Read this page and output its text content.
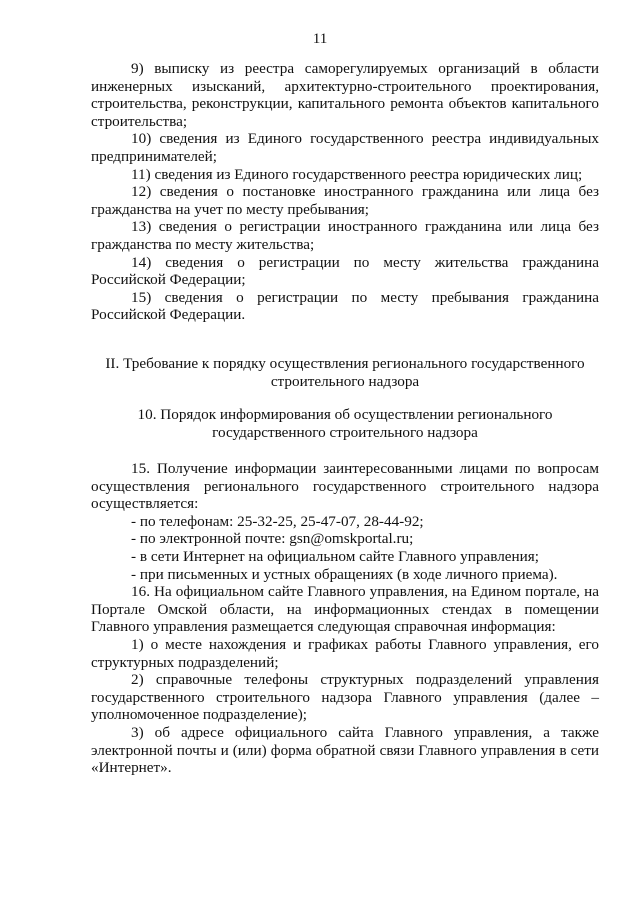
11

9) выписку из реестра саморегулируемых организаций в области инженерных изысканий, архитектурно-строительного проектирования, строительства, реконструкции, капитального ремонта объектов капитального строительства;

10) сведения из Единого государственного реестра индивидуальных предпринимателей;

11) сведения из Единого государственного реестра юридических лиц;

12) сведения о постановке иностранного гражданина или лица без гражданства на учет по месту пребывания;

13) сведения о регистрации иностранного гражданина или лица без гражданства по месту жительства;

14) сведения о регистрации по месту жительства гражданина Российской Федерации;

15) сведения о регистрации по месту пребывания гражданина Российской Федерации.

II. Требование к порядку осуществления регионального государственного
строительного надзора
10. Порядок информирования об осуществлении регионального
государственного строительного надзора

15. Получение информации заинтересованными лицами по вопросам осуществления регионального государственного строительного надзора осуществляется:

- по телефонам: 25-32-25, 25-47-07, 28-44-92;

- по электронной почте: gsn@omskportal.ru;

- в сети Интернет на официальном сайте Главного управления;

- при письменных и устных обращениях (в ходе личного приема).

16. На официальном сайте Главного управления, на Едином портале, на Портале Омской области, на информационных стендах в помещении Главного управления размещается следующая справочная информация:

1) о месте нахождения и графиках работы Главного управления, его структурных подразделений;

2) справочные телефоны структурных подразделений управления государственного строительного надзора Главного управления (далее – уполномоченное подразделение);

3) об адресе официального сайта Главного управления, а также электронной почты и (или) форма обратной связи Главного управления в сети «Интернет».
